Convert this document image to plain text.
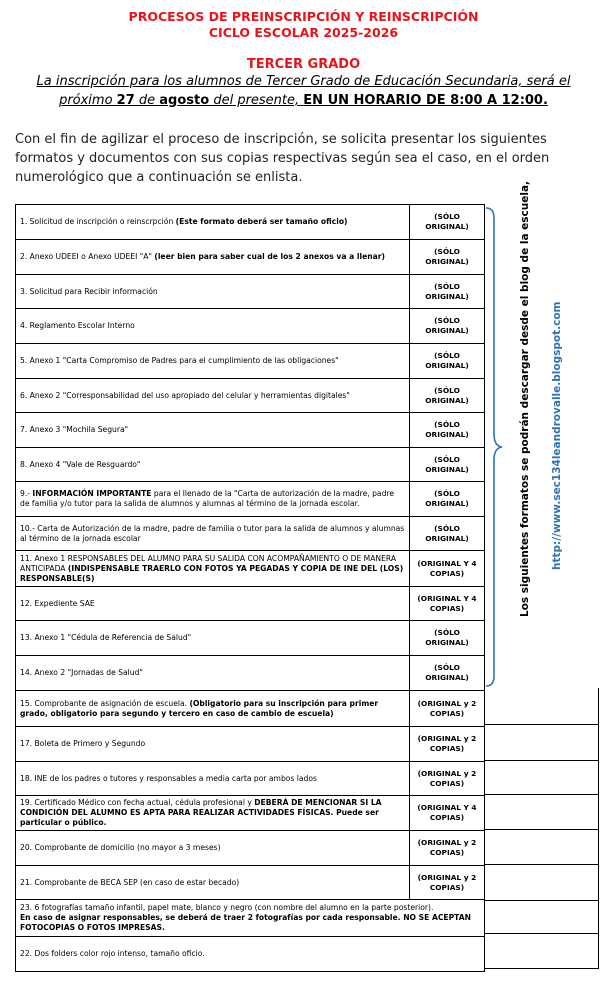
PROCESOS DE PREINSCRIPCIÓN Y REINSCRIPCIÓN
CICLO ESCOLAR 2025-2026
TERCER GRADO
La inscripción para los alumnos de Tercer Grado de Educación Secundaria, será el
próximo 27 de agosto del presente, EN UN HORARIO DE 8:00 A 12:00.
Con el fin de agilizar el proceso de inscripción, se solicita presentar los siguientes formatos y documentos con sus copias respectivas según sea el caso, en el orden numerológico que a continuación se enlista.
1. Solicitud de inscripción o reinscrpción (Este formato deberá ser tamaño oficio)	(SÓLO ORIGINAL)
2. Anexo UDEEI o Anexo UDEEI "A" (leer bien para saber cual de los 2 anexos va a llenar)	(SÓLO ORIGINAL)
3. Solicitud para Recibir información	(SÓLO ORIGINAL)
4. Reglamento Escolar Interno	(SÓLO ORIGINAL)
5. Anexo 1 "Carta Compromiso de Padres para el cumplimiento de las obligaciones"	(SÓLO ORIGINAL)
6. Anexo 2 "Corresponsabilidad del uso apropiado del celular y herramientas digitales"	(SÓLO ORIGINAL)
7. Anexo 3 "Mochila Segura"	(SÓLO ORIGINAL)
8. Anexo 4 "Vale de Resguardo"	(SÓLO ORIGINAL)
9.- INFORMACIÓN IMPORTANTE para el llenado de la "Carta de autorización de la madre, padre de familia y/o tutor para la salida de alumnos y alumnas al término de la jornada escolar.	(SÓLO ORIGINAL)
10.- Carta de Autorización de la madre, padre de familia o tutor para la salida de alumnos y alumnas al término de la jornada escolar	(SÓLO ORIGINAL)
11. Anexo 1 RESPONSABLES DEL ALUMNO PARA SU SALIDA CON ACOMPAÑAMIENTO O DE MANERA ANTICIPADA (INDISPENSABLE TRAERLO CON FOTOS YA PEGADAS Y COPIA DE INE DEL (LOS) RESPONSABLE(S)	(ORIGINAL Y 4 COPIAS)
12. Expediente SAE	(ORIGINAL Y 4 COPIAS)
13. Anexo 1 "Cédula de Referencia de Salud"	(SÓLO ORIGINAL)
14. Anexo 2 "Jornadas de Salud"	(SÓLO ORIGINAL)
15. Comprobante de asignación de escuela. (Obligatorio para su inscripción para primer grado, obligatorio para segundo y tercero en caso de cambio de escuela)	(ORIGINAL y 2 COPIAS)
17. Boleta de Primero y Segundo	(ORIGINAL y 2 COPIAS)
18. INE de los padres o tutores y responsables a media carta por ambos lados	(ORIGINAL y 2 COPIAS)
19. Certificado Médico con fecha actual, cédula profesional y DEBERÁ DE MENCIONAR SI LA CONDICIÓN DEL ALUMNO ES APTA PARA REALIZAR ACTIVIDADES FÍSICAS. Puede ser particular o público.	(ORIGINAL Y 4 COPIAS)
20. Comprobante de domicilio (no mayor a 3 meses)	(ORIGINAL y 2 COPIAS)
21. Comprobante de BECA SEP (en caso de estar becado)	(ORIGINAL y 2 COPIAS)
23. 6 fotografías tamaño infantil, papel mate, blanco y negro (con nombre del alumno en la parte posterior).
En caso de asignar responsables, se deberá de traer 2 fotografías por cada responsable. NO SE ACEPTAN FOTOCOPIAS O FOTOS IMPRESAS.	
22. Dos folders color rojo intenso, tamaño oficio.	
Los siguientes formatos se podrán descargar desde el blog de la escuela, http://www.sec134leandrovalle.blogspot.com
